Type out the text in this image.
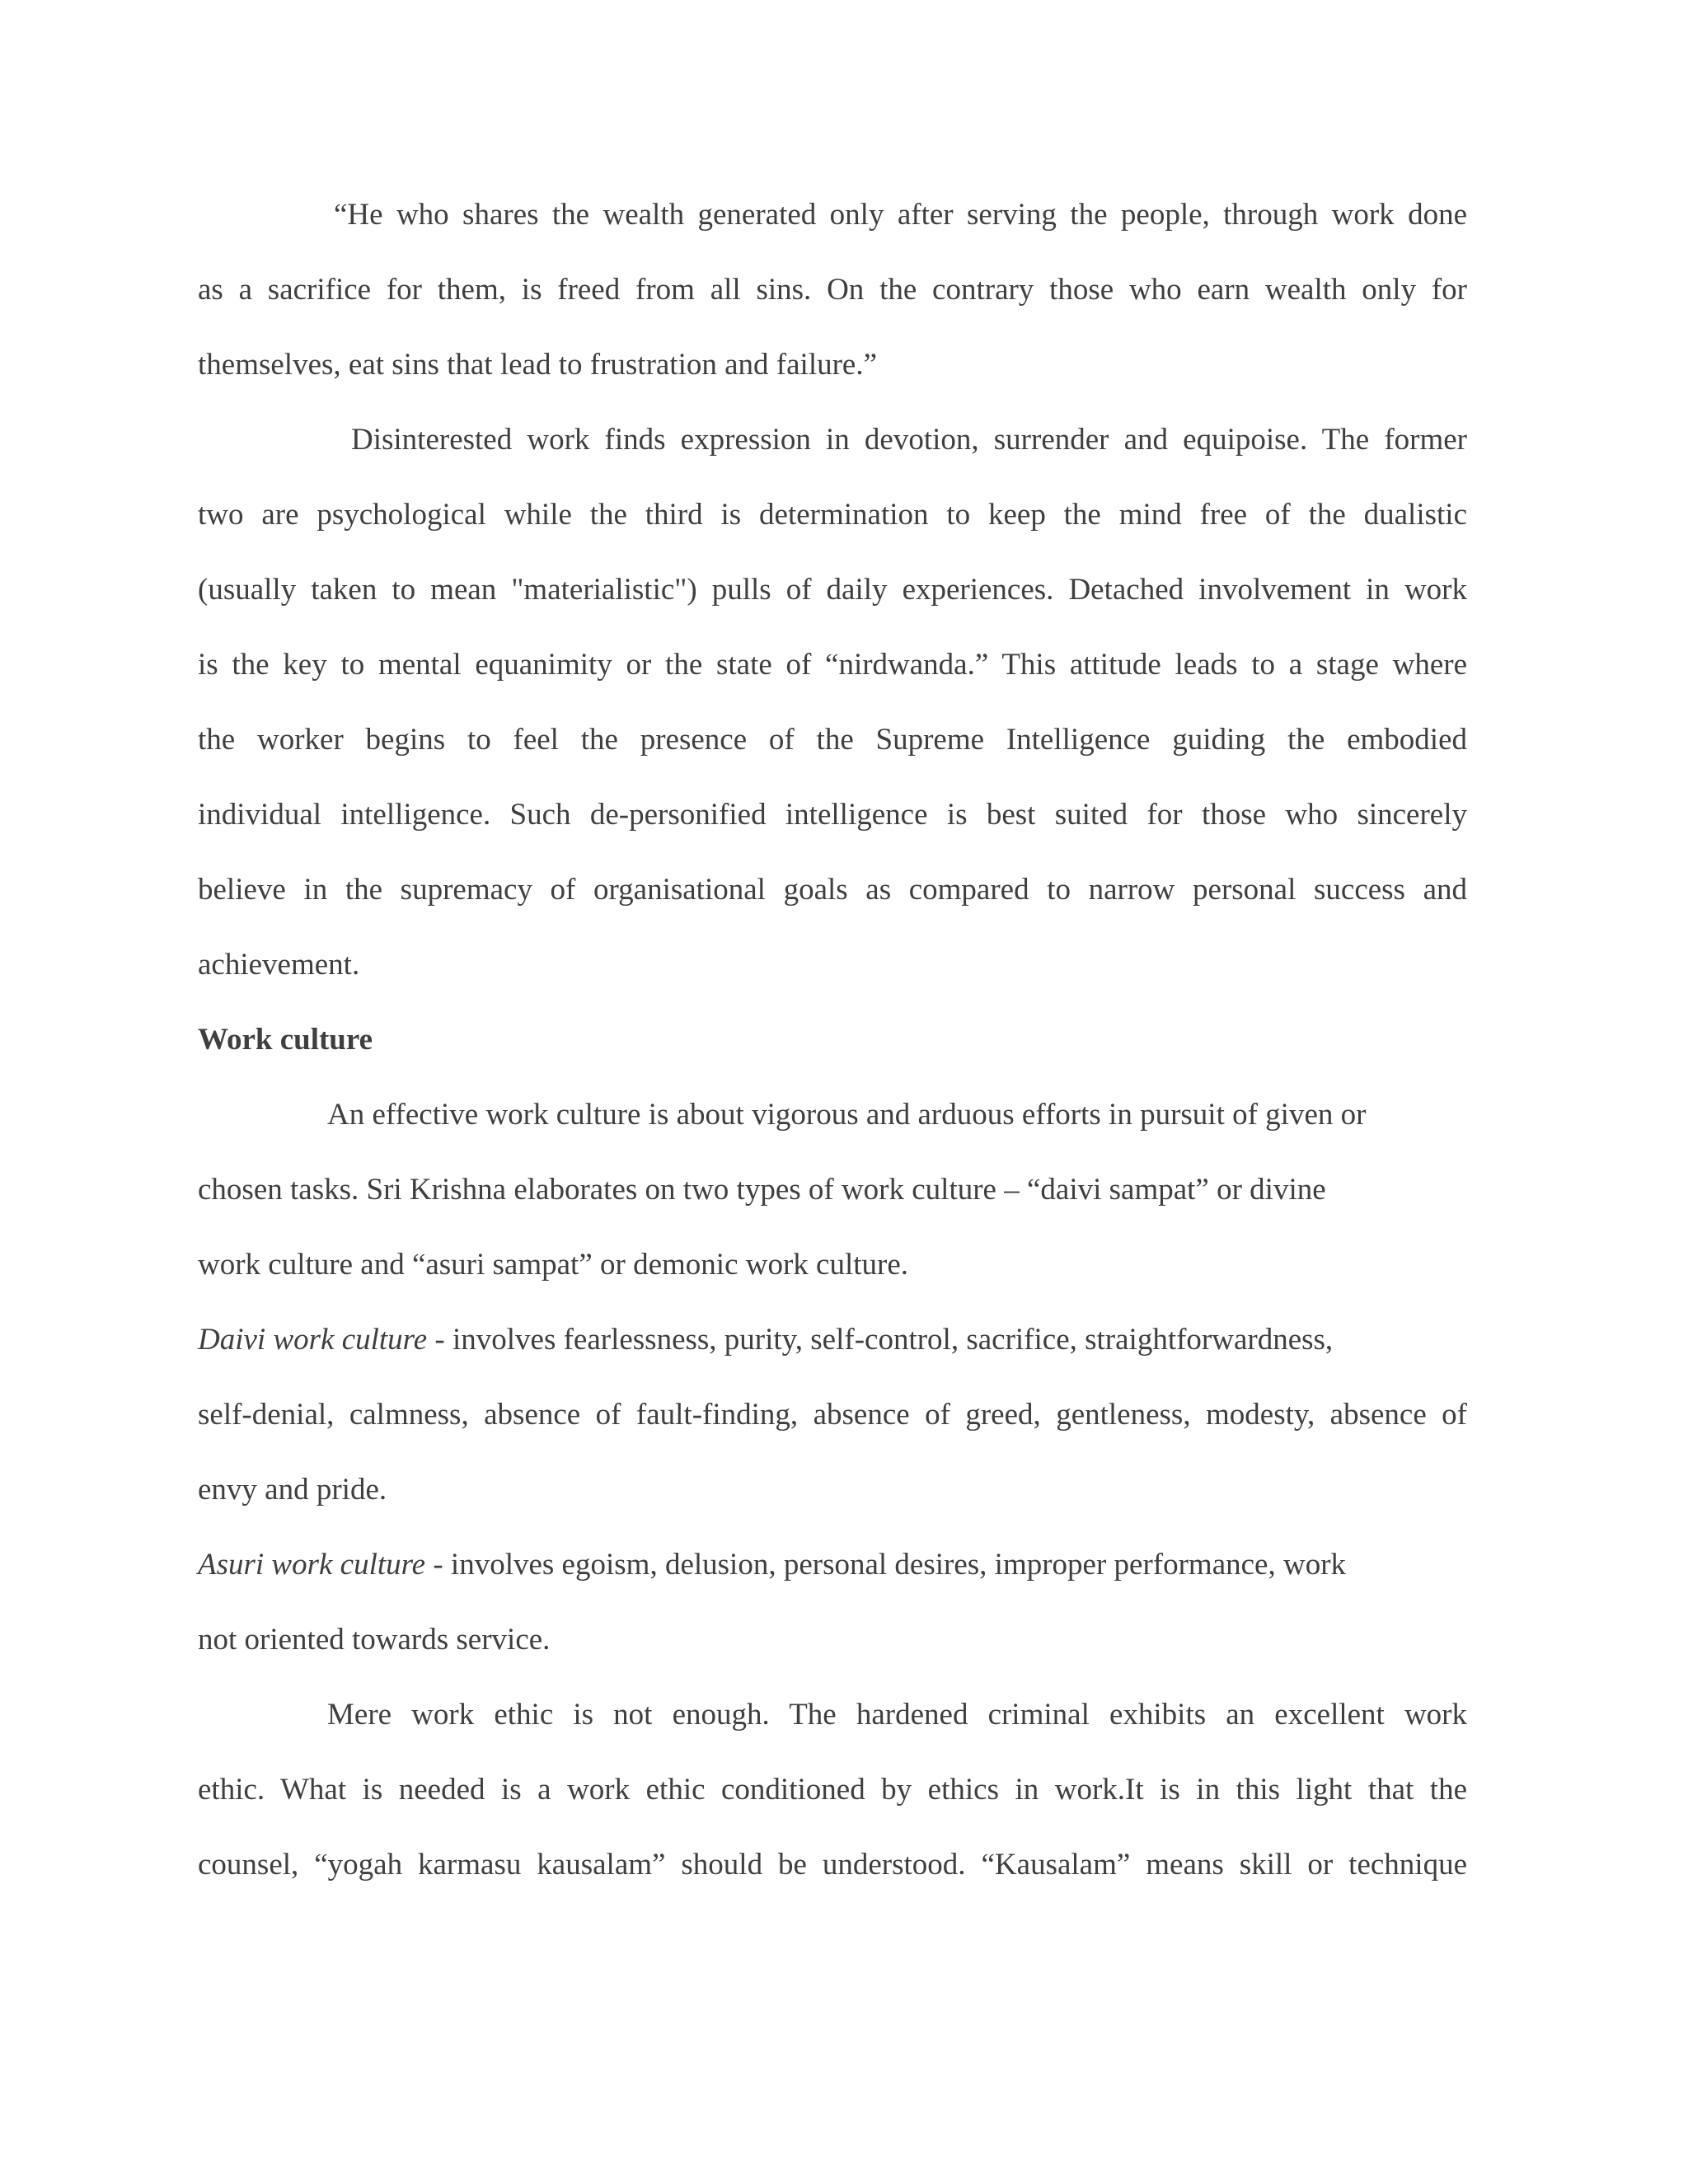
“He who shares the wealth generated only after serving the people, through work done
as a sacrifice for them, is freed from all sins. On the contrary those who earn wealth only for
themselves, eat sins that lead to frustration and failure.”
Disinterested work finds expression in devotion, surrender and equipoise. The former
two are psychological while the third is determination to keep the mind free of the dualistic
(usually taken to mean "materialistic") pulls of daily experiences. Detached involvement in work
is the key to mental equanimity or the state of “nirdwanda.” This attitude leads to a stage where
the worker begins to feel the presence of the Supreme Intelligence guiding the embodied
individual intelligence. Such de-personified intelligence is best suited for those who sincerely
believe in the supremacy of organisational goals as compared to narrow personal success and
achievement.
Work culture
An effective work culture is about vigorous and arduous efforts in pursuit of given or
chosen tasks. Sri Krishna elaborates on two types of work culture – “daivi sampat” or divine
work culture and “asuri sampat” or demonic work culture.
Daivi work culture - involves fearlessness, purity, self-control, sacrifice, straightforwardness,
self-denial, calmness, absence of fault-finding, absence of greed, gentleness, modesty, absence of
envy and pride.
Asuri work culture - involves egoism, delusion, personal desires, improper performance, work
not oriented towards service.
Mere work ethic is not enough. The hardened criminal exhibits an excellent work
ethic. What is needed is a work ethic conditioned by ethics in work.It is in this light that the
counsel, “yogah karmasu kausalam” should be understood. “Kausalam” means skill or technique
